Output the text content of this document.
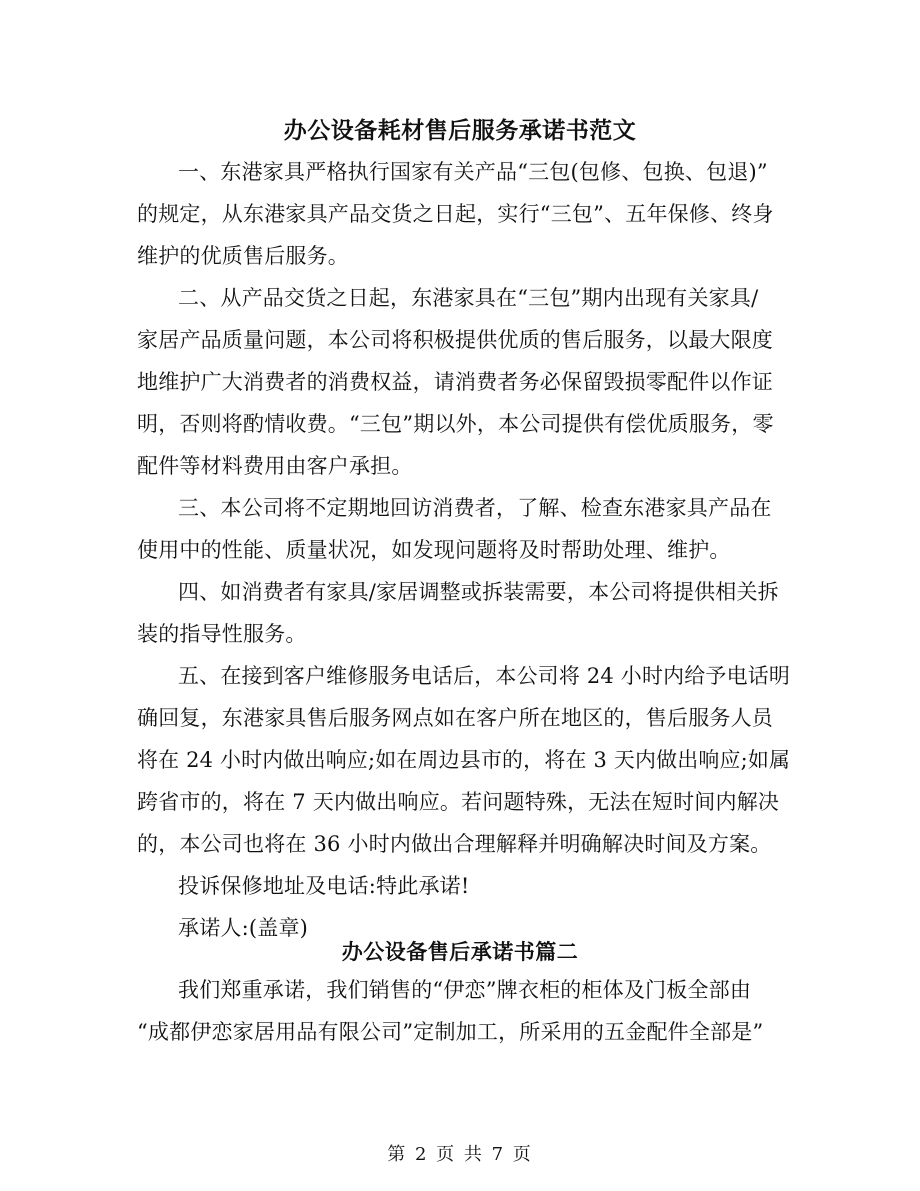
办公设备耗材售后服务承诺书范文
一、东港家具严格执行国家有关产品“三包(包修、包换、包退)”
的规定，从东港家具产品交货之日起，实行“三包”、五年保修、终身
维护的优质售后服务。
二、从产品交货之日起，东港家具在“三包”期内出现有关家具/
家居产品质量问题，本公司将积极提供优质的售后服务，以最大限度
地维护广大消费者的消费权益，请消费者务必保留毁损零配件以作证
明，否则将酌情收费。“三包”期以外，本公司提供有偿优质服务，零
配件等材料费用由客户承担。
三、本公司将不定期地回访消费者，了解、检查东港家具产品在
使用中的性能、质量状况，如发现问题将及时帮助处理、维护。
四、如消费者有家具/家居调整或拆装需要，本公司将提供相关拆
装的指导性服务。
五、在接到客户维修服务电话后，本公司将 24 小时内给予电话明
确回复，东港家具售后服务网点如在客户所在地区的，售后服务人员
将在 24 小时内做出响应;如在周边县市的，将在 3 天内做出响应;如属
跨省市的，将在 7 天内做出响应。若问题特殊，无法在短时间内解决
的，本公司也将在 36 小时内做出合理解释并明确解决时间及方案。
投诉保修地址及电话:特此承诺!
承诺人:(盖章)
办公设备售后承诺书篇二
我们郑重承诺，我们销售的“伊恋”牌衣柜的柜体及门板全部由
“成都伊恋家居用品有限公司”定制加工，所采用的五金配件全部是”
第 2 页 共 7 页
